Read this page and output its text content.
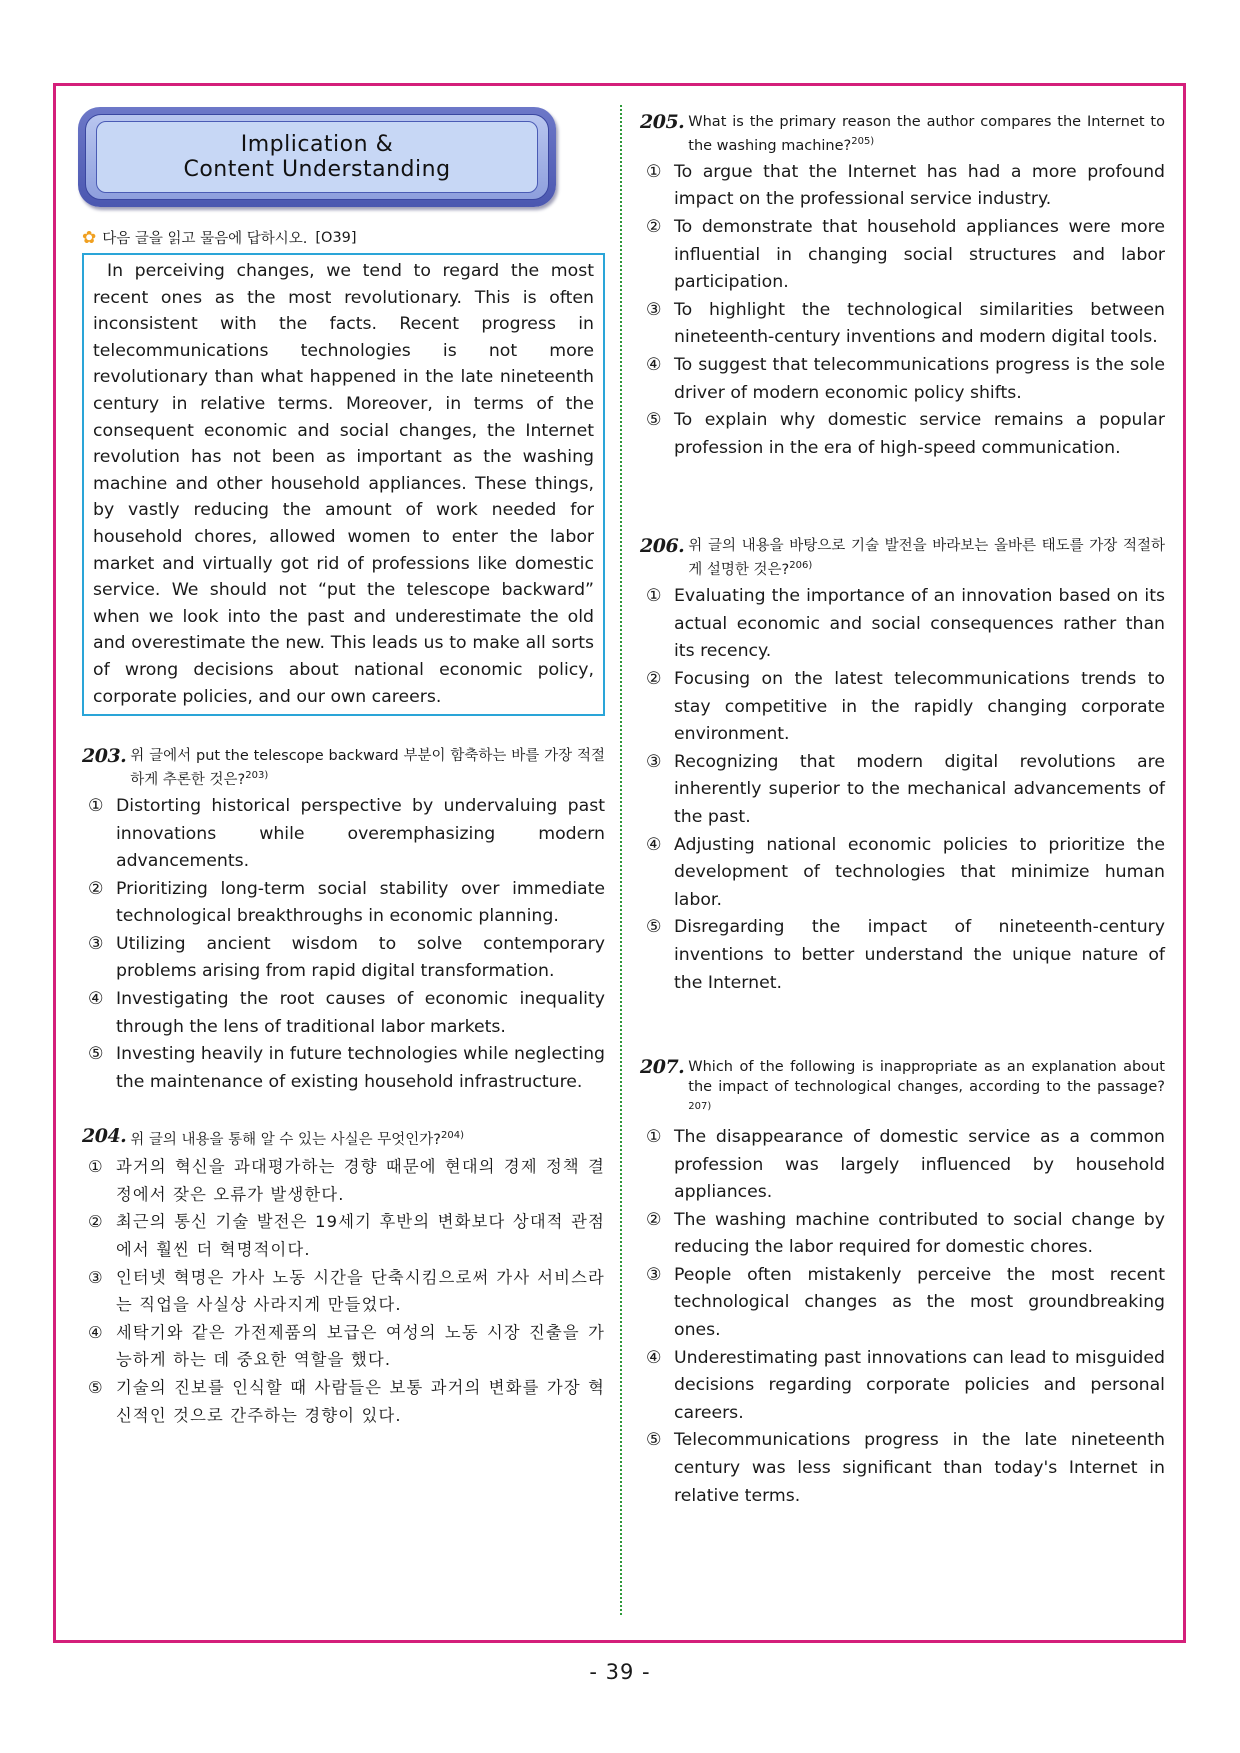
Implication &
Content Understanding
✿ 다음 글을 읽고 물음에 답하시오. [O39]

In perceiving changes, we tend to regard the most recent ones as the most revolutionary. This is often inconsistent with the facts. Recent progress in telecommunications technologies is not more revolutionary than what happened in the late nineteenth century in relative terms. Moreover, in terms of the consequent economic and social changes, the Internet revolution has not been as important as the washing machine and other household appliances. These things, by vastly reducing the amount of work needed for household chores, allowed women to enter the labor market and virtually got rid of professions like domestic service. We should not “put the telescope backward” when we look into the past and underestimate the old and overestimate the new. This leads us to make all sorts of wrong decisions about national economic policy, corporate policies, and our own careers.

203. 위 글에서 put the telescope backward 부분이 함축하는 바를 가장 적절하게 추론한 것은?$^{203)}$
① Distorting historical perspective by undervaluing past innovations while overemphasizing modern advancements.
② Prioritizing long-term social stability over immediate technological breakthroughs in economic planning.
③ Utilizing ancient wisdom to solve contemporary problems arising from rapid digital transformation.
④ Investigating the root causes of economic inequality through the lens of traditional labor markets.
⑤ Investing heavily in future technologies while neglecting the maintenance of existing household infrastructure.
204. 위 글의 내용을 통해 알 수 있는 사실은 무엇인가?$^{204)}$
① 과거의 혁신을 과대평가하는 경향 때문에 현대의 경제 정책 결정에서 잦은 오류가 발생한다.
② 최근의 통신 기술 발전은 19세기 후반의 변화보다 상대적 관점에서 훨씬 더 혁명적이다.
③ 인터넷 혁명은 가사 노동 시간을 단축시킴으로써 가사 서비스라는 직업을 사실상 사라지게 만들었다.
④ 세탁기와 같은 가전제품의 보급은 여성의 노동 시장 진출을 가능하게 하는 데 중요한 역할을 했다.
⑤ 기술의 진보를 인식할 때 사람들은 보통 과거의 변화를 가장 혁신적인 것으로 간주하는 경향이 있다.
205. What is the primary reason the author compares the Internet to the washing machine?$^{205)}$
① To argue that the Internet has had a more profound impact on the professional service industry.
② To demonstrate that household appliances were more influential in changing social structures and labor participation.
③ To highlight the technological similarities between nineteenth-century inventions and modern digital tools.
④ To suggest that telecommunications progress is the sole driver of modern economic policy shifts.
⑤ To explain why domestic service remains a popular profession in the era of high-speed communication.
206. 위 글의 내용을 바탕으로 기술 발전을 바라보는 올바른 태도를 가장 적절하게 설명한 것은?$^{206)}$
① Evaluating the importance of an innovation based on its actual economic and social consequences rather than its recency.
② Focusing on the latest telecommunications trends to stay competitive in the rapidly changing corporate environment.
③ Recognizing that modern digital revolutions are inherently superior to the mechanical advancements of the past.
④ Adjusting national economic policies to prioritize the development of technologies that minimize human labor.
⑤ Disregarding the impact of nineteenth-century inventions to better understand the unique nature of the Internet.
207. Which of the following is inappropriate as an explanation about the impact of technological changes, according to the passage?$^{207)}$
① The disappearance of domestic service as a common profession was largely influenced by household appliances.
② The washing machine contributed to social change by reducing the labor required for domestic chores.
③ People often mistakenly perceive the most recent technological changes as the most groundbreaking ones.
④ Underestimating past innovations can lead to misguided decisions regarding corporate policies and personal careers.
⑤ Telecommunications progress in the late nineteenth century was less significant than today's Internet in relative terms.
- 39 -
